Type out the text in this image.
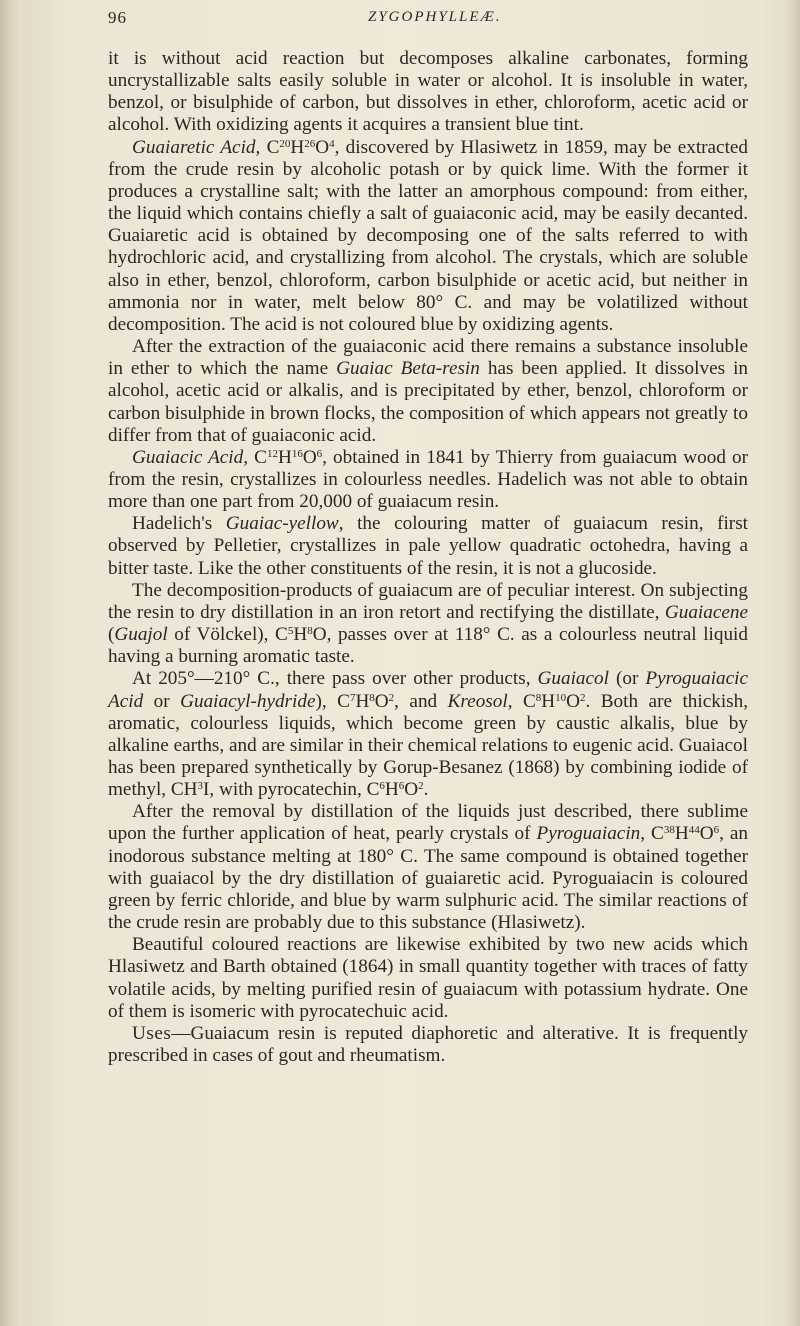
96	ZYGOPHYLLEÆ.

it is without acid reaction but decomposes alkaline carbonates, forming uncrystallizable salts easily soluble in water or alcohol. It is insoluble in water, benzol, or bisulphide of carbon, but dissolves in ether, chloroform, acetic acid or alcohol. With oxidizing agents it acquires a transient blue tint.

Guaiaretic Acid, $C^{20}H^{26}O^4$, discovered by Hlasiwetz in 1859, may be extracted from the crude resin by alcoholic potash or by quick lime. With the former it produces a crystalline salt; with the latter an amorphous compound: from either, the liquid which contains chiefly a salt of guaiaconic acid, may be easily decanted. Guaiaretic acid is obtained by decomposing one of the salts referred to with hydrochloric acid, and crystallizing from alcohol. The crystals, which are soluble also in ether, benzol, chloroform, carbon bisulphide or acetic acid, but neither in ammonia nor in water, melt below 80° C. and may be volatilized without decomposition. The acid is not coloured blue by oxidizing agents.

After the extraction of the guaiaconic acid there remains a substance insoluble in ether to which the name Guaiac Beta-resin has been applied. It dissolves in alcohol, acetic acid or alkalis, and is precipitated by ether, benzol, chloroform or carbon bisulphide in brown flocks, the composition of which appears not greatly to differ from that of guaiaconic acid.

Guaiacic Acid, $C^{12}H^{16}O^6$, obtained in 1841 by Thierry from guaiacum wood or from the resin, crystallizes in colourless needles. Hadelich was not able to obtain more than one part from 20,000 of guaiacum resin.

Hadelich's Guaiac-yellow, the colouring matter of guaiacum resin, first observed by Pelletier, crystallizes in pale yellow quadratic octohedra, having a bitter taste. Like the other constituents of the resin, it is not a glucoside.

The decomposition-products of guaiacum are of peculiar interest. On subjecting the resin to dry distillation in an iron retort and rectifying the distillate, Guaiacene (Guajol of Völckel), $C^5H^8O$, passes over at 118° C. as a colourless neutral liquid having a burning aromatic taste.

At 205°—210° C., there pass over other products, Guaiacol (or Pyroguaiacic Acid or Guaiacyl-hydride), $C^7H^8O^2$, and Kreosol, $C^8H^{10}O^2$. Both are thickish, aromatic, colourless liquids, which become green by caustic alkalis, blue by alkaline earths, and are similar in their chemical relations to eugenic acid. Guaiacol has been prepared synthetically by Gorup-Besanez (1868) by combining iodide of methyl, $CH^3I$, with pyrocatechin, $C^6H^6O^2$.

After the removal by distillation of the liquids just described, there sublime upon the further application of heat, pearly crystals of Pyroguaiacin, $C^{38}H^{44}O^6$, an inodorous substance melting at 180° C. The same compound is obtained together with guaiacol by the dry distillation of guaiaretic acid. Pyroguaiacin is coloured green by ferric chloride, and blue by warm sulphuric acid. The similar reactions of the crude resin are probably due to this substance (Hlasiwetz).

Beautiful coloured reactions are likewise exhibited by two new acids which Hlasiwetz and Barth obtained (1864) in small quantity together with traces of fatty volatile acids, by melting purified resin of guaiacum with potassium hydrate. One of them is isomeric with pyrocatechuic acid.

Uses—Guaiacum resin is reputed diaphoretic and alterative. It is frequently prescribed in cases of gout and rheumatism.
